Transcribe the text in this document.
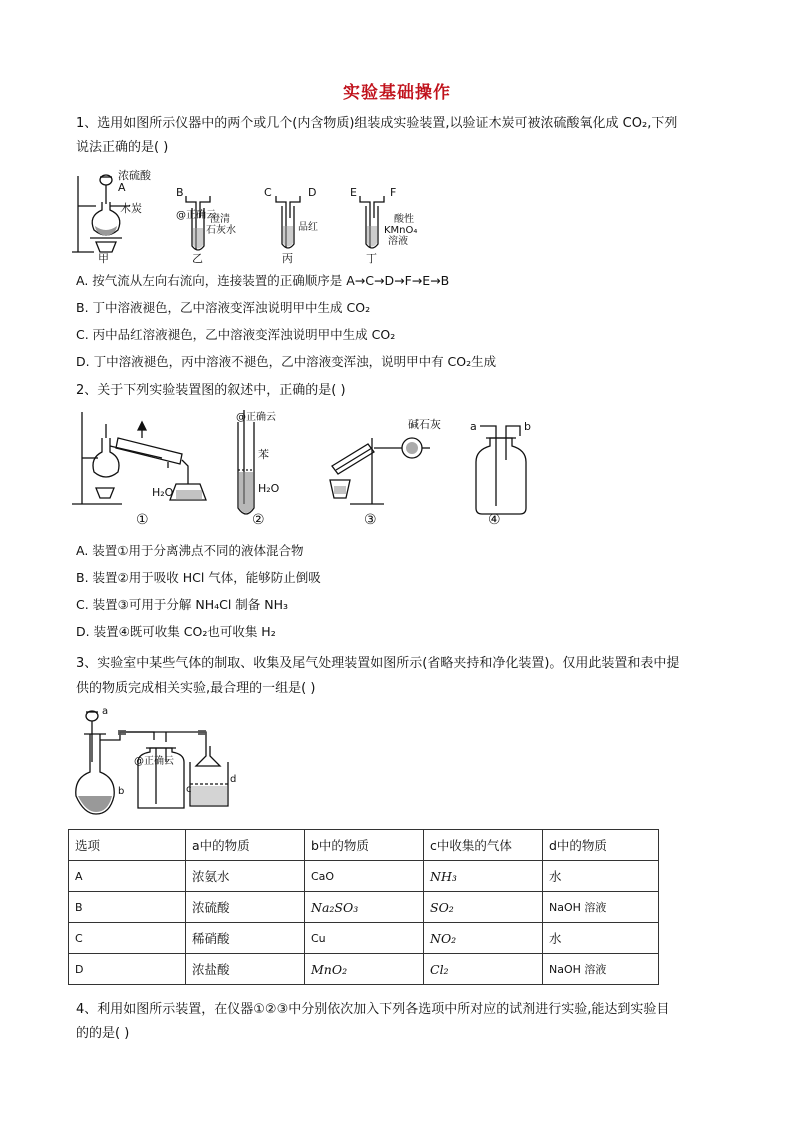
实验基础操作
1、选用如图所示仪器中的两个或几个(内含物质)组装成实验装置,以验证木炭可被浓硫酸氧化成 CO₂,下列
说法正确的是( )
浓硫酸
A
木炭
甲
B
@正确云
澄清
石灰水
乙
C	D
品红
丙
E	F
酸性
KMnO₄
溶液
丁
A. 按气流从左向右流向，连接装置的正确顺序是 A→C→D→F→E→B
B. 丁中溶液褪色，乙中溶液变浑浊说明甲中生成 CO₂
C. 丙中品红溶液褪色，乙中溶液变浑浊说明甲中生成 CO₂
D. 丁中溶液褪色，丙中溶液不褪色，乙中溶液变浑浊，说明甲中有 CO₂生成
2、关于下列实验装置图的叙述中，正确的是( )
H₂O
①
@正确云
苯
H₂O
②
碱石灰
③
a	b
④
A. 装置①用于分离沸点不同的液体混合物
B. 装置②用于吸收 HCl 气体，能够防止倒吸
C. 装置③可用于分解 NH₄Cl 制备 NH₃
D. 装置④既可收集 CO₂也可收集 H₂
3、实验室中某些气体的制取、收集及尾气处理装置如图所示(省略夹持和净化装置)。仅用此装置和表中提
供的物质完成相关实验,最合理的一组是( )
a
b	c
d
@正确云
选项	a中的物质	b中的物质	c中收集的气体	d中的物质
A	浓氨水	CaO	NH₃	水
B	浓硫酸	Na₂SO₃	SO₂	NaOH 溶液
C	稀硝酸	Cu	NO₂	水
D	浓盐酸	MnO₂	Cl₂	NaOH 溶液
4、利用如图所示装置，在仪器①②③中分别依次加入下列各选项中所对应的试剂进行实验,能达到实验目
的的是( )
